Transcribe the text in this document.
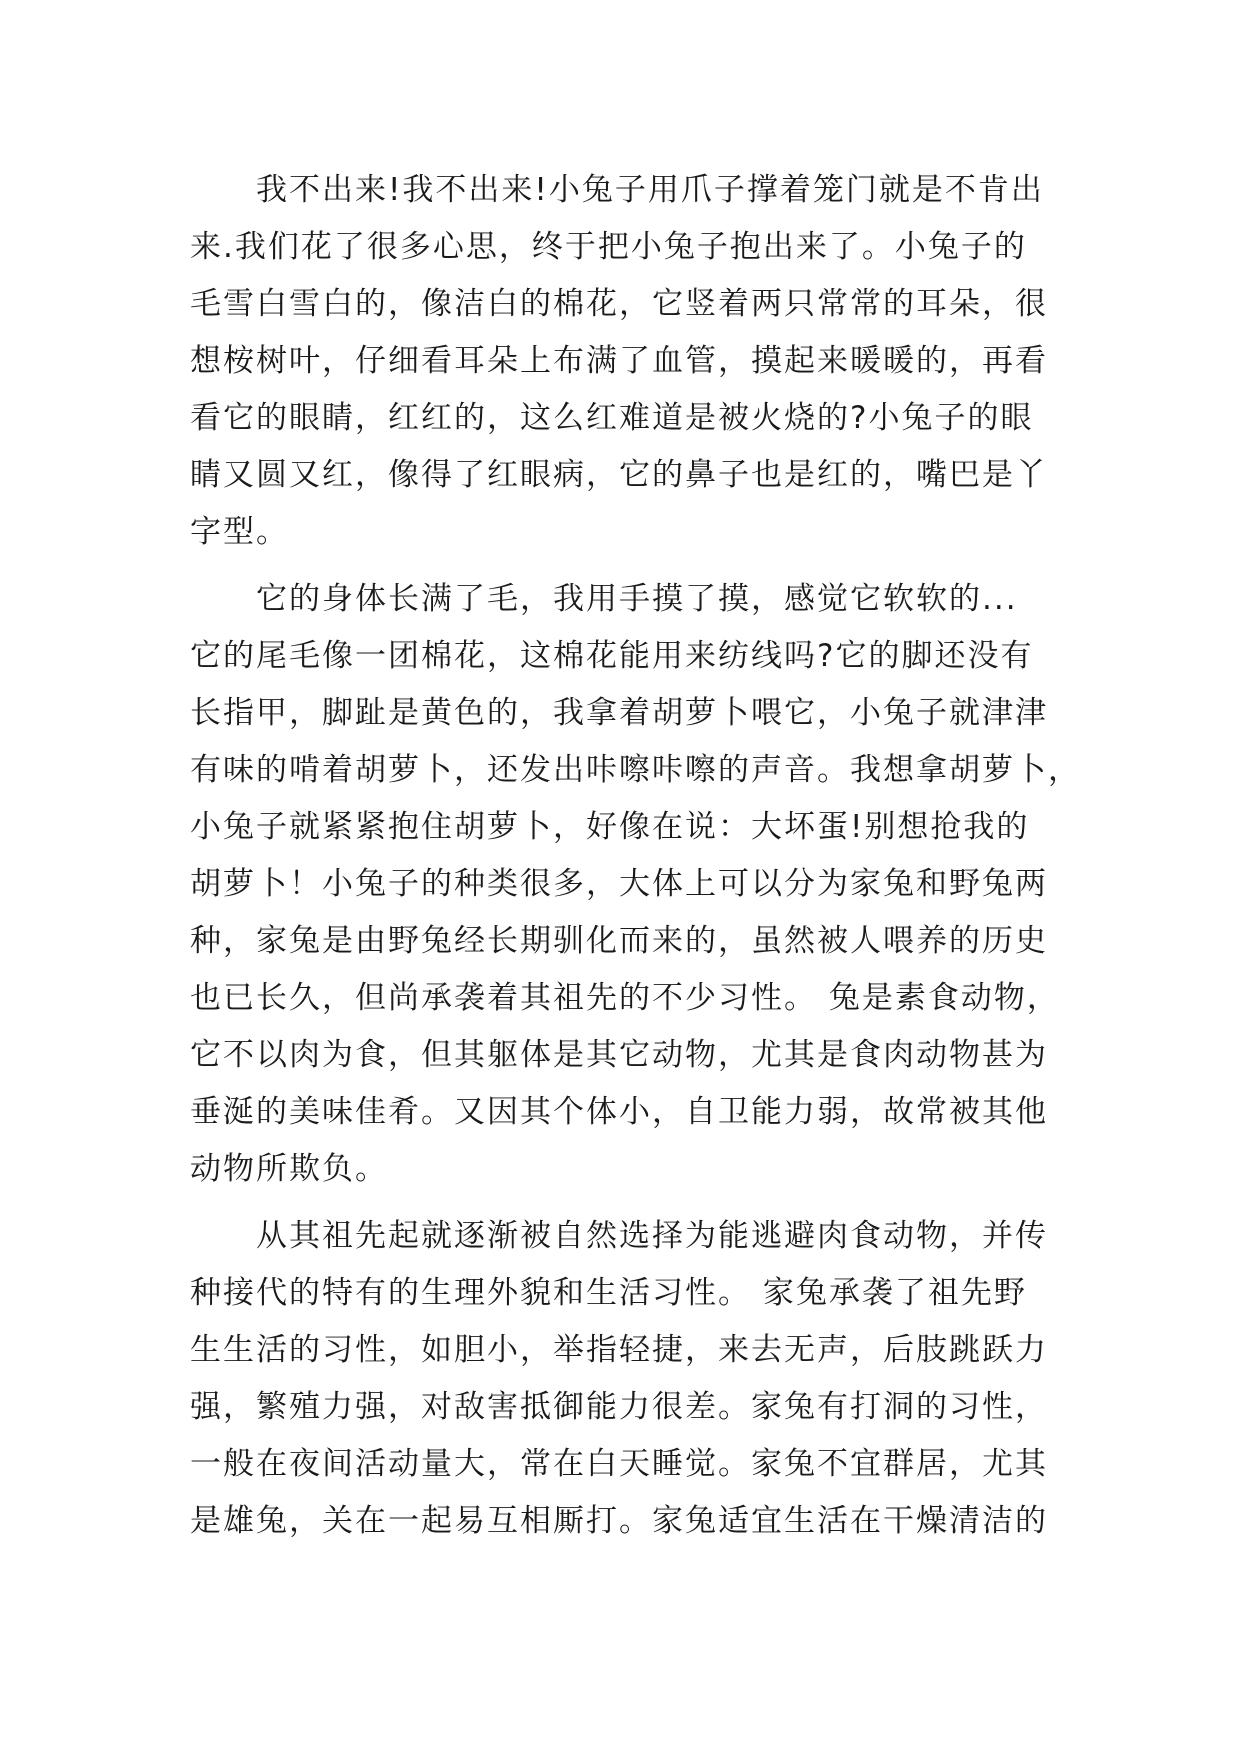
　　我不出来!我不出来!小兔子用爪子撑着笼门就是不肯出
来.我们花了很多心思，终于把小兔子抱出来了。小兔子的
毛雪白雪白的，像洁白的棉花，它竖着两只常常的耳朵，很
想桉树叶，仔细看耳朵上布满了血管，摸起来暖暖的，再看
看它的眼睛，红红的，这么红难道是被火烧的?小兔子的眼
睛又圆又红，像得了红眼病，它的鼻子也是红的，嘴巴是丫
字型。
　　它的身体长满了毛，我用手摸了摸，感觉它软软的...
它的尾毛像一团棉花，这棉花能用来纺线吗?它的脚还没有
长指甲，脚趾是黄色的，我拿着胡萝卜喂它，小兔子就津津
有味的啃着胡萝卜，还发出咔嚓咔嚓的声音。我想拿胡萝卜，
小兔子就紧紧抱住胡萝卜，好像在说：大坏蛋!别想抢我的
胡萝卜！小兔子的种类很多，大体上可以分为家兔和野兔两
种，家兔是由野兔经长期驯化而来的，虽然被人喂养的历史
也已长久，但尚承袭着其祖先的不少习性。 兔是素食动物，
它不以肉为食，但其躯体是其它动物，尤其是食肉动物甚为
垂涎的美味佳肴。又因其个体小，自卫能力弱，故常被其他
动物所欺负。
　　从其祖先起就逐渐被自然选择为能逃避肉食动物，并传
种接代的特有的生理外貌和生活习性。 家兔承袭了祖先野
生生活的习性，如胆小，举指轻捷，来去无声，后肢跳跃力
强，繁殖力强，对敌害抵御能力很差。家兔有打洞的习性，
一般在夜间活动量大，常在白天睡觉。家兔不宜群居，尤其
是雄兔，关在一起易互相厮打。家兔适宜生活在干燥清洁的
